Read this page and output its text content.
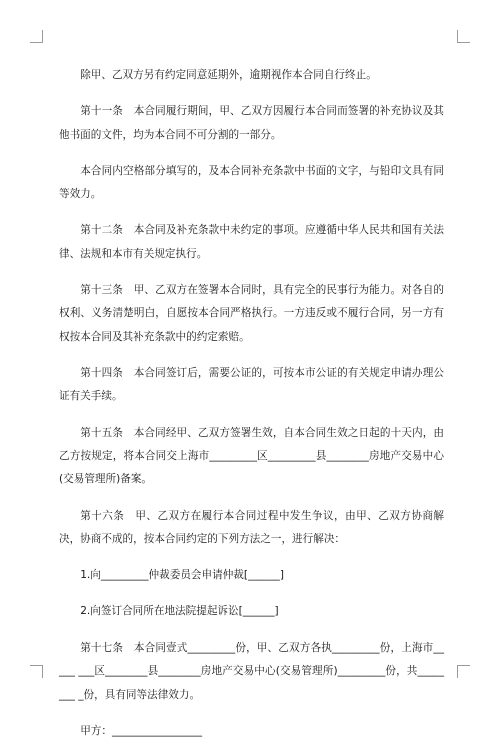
除甲、乙双方另有约定同意延期外，逾期视作本合同自行终止。

第十一条　本合同履行期间，甲、乙双方因履行本合同而签署的补充协议及其他书面的文件，均为本合同不可分割的一部分。

本合同内空格部分填写的，及本合同补充条款中书面的文字，与铅印文具有同等效力。

第十二条　本合同及补充条款中未约定的事项。应遵循中华人民共和国有关法律、法规和本市有关规定执行。

第十三条　甲、乙双方在签署本合同时，具有完全的民事行为能力。对各自的权利、义务清楚明白，自愿按本合同严格执行。一方违反或不履行合同，另一方有权按本合同及其补充条款中的约定索赔。

第十四条　本合同签订后，需要公证的，可按本市公证的有关规定申请办理公证有关手续。

第十五条　本合同经甲、乙双方签署生效，自本合同生效之日起的十天内，由乙方按规定，将本合同交上海市_________区_________县________房地产交易中心(交易管理所)备案。

第十六条　甲、乙双方在履行本合同过程中发生争议，由甲、乙双方协商解决，协商不成的，按本合同约定的下列方法之一，进行解决：

1.向_________仲裁委员会申请仲裁[______]

2.向签订合同所在地法院提起诉讼[______]

第十七条　本合同壹式_________份，甲、乙双方各执_________份，上海市_____ ___区________县________房地产交易中心(交易管理所)_________份，共________ _份，具有同等法律效力。

甲方：_________________
